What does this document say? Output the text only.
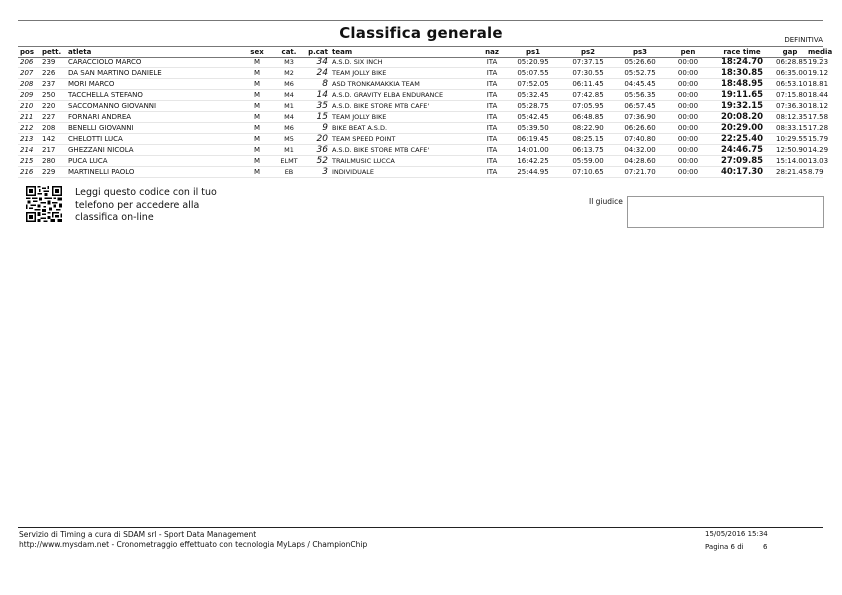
Classifica generale	DEFINITIVA
pos	pett.	atleta	sex	cat.	p.cat	team	naz	ps1	ps2	ps3	pen	race time	gap	media
206	239	CARACCIOLO MARCO	M	M3	34	A.S.D. SIX INCH	ITA	05:20.95	07:37.15	05:26.60	00:00	18:24.70	06:28.85	19.23
207	226	DA SAN MARTINO DANIELE	M	M2	24	TEAM JOLLY BIKE	ITA	05:07.55	07:30.55	05:52.75	00:00	18:30.85	06:35.00	19.12
208	237	MORI MARCO	M	M6	8	ASD TRONKAMAKKIA TEAM	ITA	07:52.05	06:11.45	04:45.45	00:00	18:48.95	06:53.10	18.81
209	250	TACCHELLA STEFANO	M	M4	14	A.S.D. GRAVITY ELBA ENDURANCE	ITA	05:32.45	07:42.85	05:56.35	00:00	19:11.65	07:15.80	18.44
210	220	SACCOMANNO GIOVANNI	M	M1	35	A.S.D. BIKE STORE MTB CAFE'	ITA	05:28.75	07:05.95	06:57.45	00:00	19:32.15	07:36.30	18.12
211	227	FORNARI ANDREA	M	M4	15	TEAM JOLLY BIKE	ITA	05:42.45	06:48.85	07:36.90	00:00	20:08.20	08:12.35	17.58
212	208	BENELLI GIOVANNI	M	M6	9	BIKE BEAT A.S.D.	ITA	05:39.50	08:22.90	06:26.60	00:00	20:29.00	08:33.15	17.28
213	142	CHELOTTI LUCA	M	M5	20	TEAM SPEED POINT	ITA	06:19.45	08:25.15	07:40.80	00:00	22:25.40	10:29.55	15.79
214	217	GHEZZANI NICOLA	M	M1	36	A.S.D. BIKE STORE MTB CAFE'	ITA	14:01.00	06:13.75	04:32.00	00:00	24:46.75	12:50.90	14.29
215	280	PUCA LUCA	M	ELMT	52	TRAILMUSIC LUCCA	ITA	16:42.25	05:59.00	04:28.60	00:00	27:09.85	15:14.00	13.03
216	229	MARTINELLI PAOLO	M	EB	3	INDIVIDUALE	ITA	25:44.95	07:10.65	07:21.70	00:00	40:17.30	28:21.45	8.79
Leggi questo codice con il tuo
telefono per accedere alla
classifica on-line
Il giudice
Servizio di Timing a cura di SDAM srl - Sport Data Management
http://www.mysdam.net - Cronometraggio effettuato con tecnologia MyLaps / ChampionChip
15/05/2016 15:34
Pagina 6 di	6
